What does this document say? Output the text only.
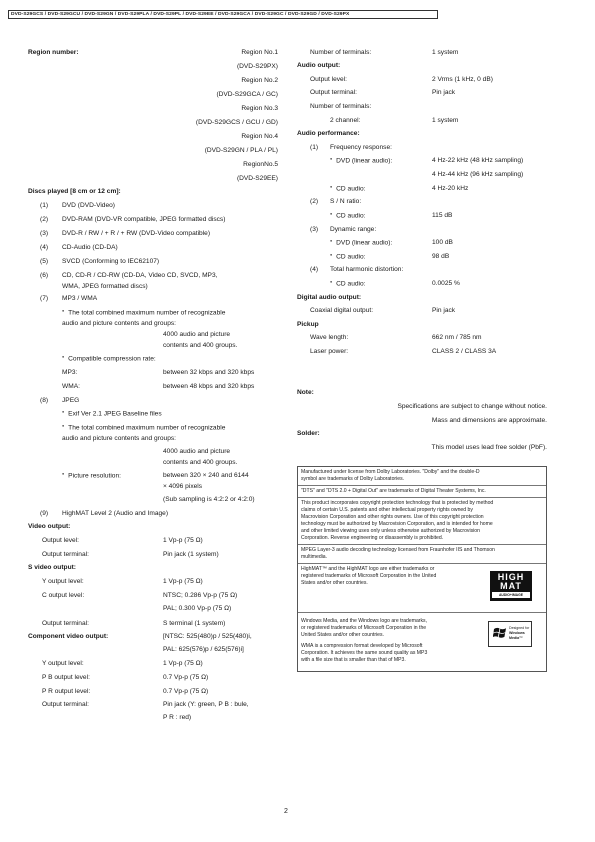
DVD-S29GCS / DVD-S29GCU / DVD-S29GN / DVD-S29PLA / DVD-S29PL / DVD-S29EE / DVD-S29GCA / DVD-S29GC / DVD-S29GD / DVD-S29PX
Region number:	Region No.1
(DVD-S29PX)
Region No.2
(DVD-S29GCA / GC)
Region No.3
(DVD-S29GCS / GCU / GD)
Region No.4
(DVD-S29GN / PLA / PL)
RegionNo.5
(DVD-S29EE)
Discs played [8 cm or 12 cm]:
(1) DVD (DVD-Video)
(2) DVD-RAM (DVD-VR compatible, JPEG formatted discs)
(3) DVD-R / RW / + R / + RW (DVD-Video compatible)
(4) CD-Audio (CD-DA)
(5) SVCD (Conforming to IEC62107)
(6) CD, CD-R / CD-RW (CD-DA, Video CD, SVCD, MP3,
WMA, JPEG formatted discs)
(7) MP3 / WMA
● The total combined maximum number of recognizable
audio and picture contents and groups:
4000 audio and picture
contents and 400 groups.
● Compatible compression rate:
MP3:	between 32 kbps and 320 kbps
WMA:	between 48 kbps and 320 kbps
(8) JPEG
● Exif Ver 2.1 JPEG Baseline files
● The total combined maximum number of recognizable
audio and picture contents and groups:
4000 audio and picture
contents and 400 groups.
● Picture resolution:	between 320 × 240 and 6144
× 4096 pixels
(Sub sampling is 4:2:2 or 4:2:0)
(9) HighMAT Level 2 (Audio and Image)
Video output:
Output level:	1 Vp-p (75 Ω)
Output terminal:	Pin jack (1 system)
S video output:
Y output level:	1 Vp-p (75 Ω)
C output level:	NTSC; 0.286 Vp-p (75 Ω)
PAL; 0.300 Vp-p (75 Ω)
Output terminal:	S terminal (1 system)
Component video output:	[NTSC: 525(480)p / 525(480)i,
PAL: 625(576)p / 625(576)i]
Y output level:	1 Vp-p (75 Ω)
P B output level:	0.7 Vp-p (75 Ω)
P R output level:	0.7 Vp-p (75 Ω)
Output terminal:	Pin jack (Y: green, P B : bule,
P R : red)
Number of terminals:	1 system
Audio output:
Output level:	2 Vrms (1 kHz, 0 dB)
Output terminal:	Pin jack
Number of terminals:
2 channel:	1 system
Audio performance:
(1) Frequency response:
● DVD (linear audio):	4 Hz-22 kHz (48 kHz sampling)
4 Hz-44 kHz (96 kHz sampling)
● CD audio:	4 Hz-20 kHz
(2) S / N ratio:
● CD audio:	115 dB
(3) Dynamic range:
● DVD (linear audio):	100 dB
● CD audio:	98 dB
(4) Total harmonic distortion:
● CD audio:	0.0025 %
Digital audio output:
Coaxial digital output:	Pin jack
Pickup
Wave length:	662 nm / 785 nm
Laser power:	CLASS 2 / CLASS 3A
Note:
Specifications are subject to change without notice.
Mass and dimensions are approximate.
Solder:
This model uses lead free solder (PbF).
Manufactured under license from Dolby Laboratories. "Dolby" and the double-D
symbol are trademarks of Dolby Laboratories.
"DTS" and "DTS 2.0 + Digital Out" are trademarks of Digital Theater Systems, Inc.
This product incorporates copyright protection technology that is protected by method
claims of certain U.S. patents and other intellectual property rights owned by
Macrovision Corporation and other rights owners. Use of this copyright protection
technology must be authorized by Macrovision Corporation, and is intended for home
and other limited viewing uses only unless otherwise authorized by Macrovision
Corporation. Reverse engineering or disassembly is prohibited.
MPEG Layer-3 audio decoding technology licensed from Fraunhofer IIS and Thomson
multimedia.
HighMAT™ and the HighMAT logo are either trademarks or
registered trademarks of Microsoft Corporation in the United
States and/or other countries.
HIGH
MAT
AUDIO+IMAGE
Windows Media, and the Windows logo are trademarks,
or registered trademarks of Microsoft Corporation in the
United States and/or other countries.
WMA is a compression format developed by Microsoft
Corporation. It achieves the same sound quality as MP3
with a file size that is smaller than that of MP3.
Designed for
Windows
Media™
2
